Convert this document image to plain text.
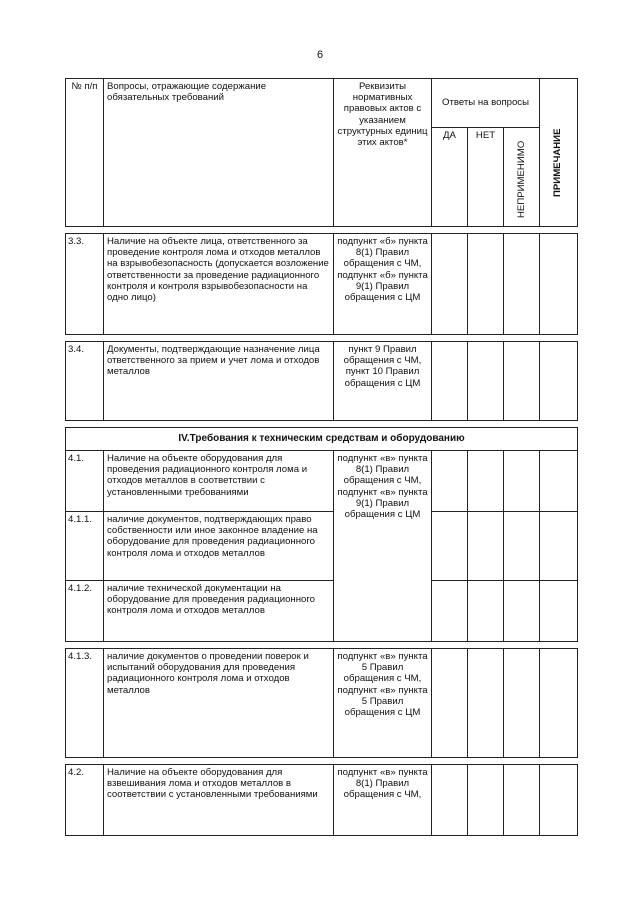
6
№ п/п	Вопросы, отражающие содержание обязательных требований	Реквизиты нормативных правовых актов с указанием структурных единиц этих актов*	Ответы на вопросы			ПРИМЕЧАНИЕ

			ДА	НЕТ	НЕПРИМЕНИМО	

3.3.	Наличие на объекте лица, ответственного за проведение контроля лома и отходов металлов на взрывобезопасность (допускается возложение ответственности за проведение радиационного контроля и контроля взрывобезопасности на одно лицо)	подпункт «б» пункта 8(1) Правил обращения с ЧМ, подпункт «б» пункта 9(1) Правил обращения с ЦМ				

3.4.	Документы, подтверждающие назначение лица ответственного за прием и учет лома и отходов металлов	пункт 9 Правил обращения с ЧМ, пункт 10 Правил обращения с ЦМ				

IV.Требования к техническим средствам и оборудованию						
4.1.	Наличие на объекте оборудования для проведения радиационного контроля лома и отходов металлов в соответствии с установленными требованиями	подпункт «в» пункта 8(1) Правил обращения с ЧМ, подпункт «в» пункта 9(1) Правил обращения с ЦМ				
4.1.1.	наличие документов, подтверждающих право собственности или иное законное владение на оборудование для проведения радиационного контроля лома и отходов металлов					
4.1.2.	наличие технической документации на оборудование для проведения радиационного контроля лома и отходов металлов					

4.1.3.	наличие документов о проведении поверок и испытаний оборудования для проведения радиационного контроля лома и отходов металлов	подпункт «в» пункта 5 Правил обращения с ЧМ, подпункт «в» пункта 5 Правил обращения с ЦМ				

4.2.	Наличие на объекте оборудования для взвешивания лома и отходов металлов в соответствии с установленными требованиями	подпункт «в» пункта 8(1) Правил обращения с ЧМ,				
